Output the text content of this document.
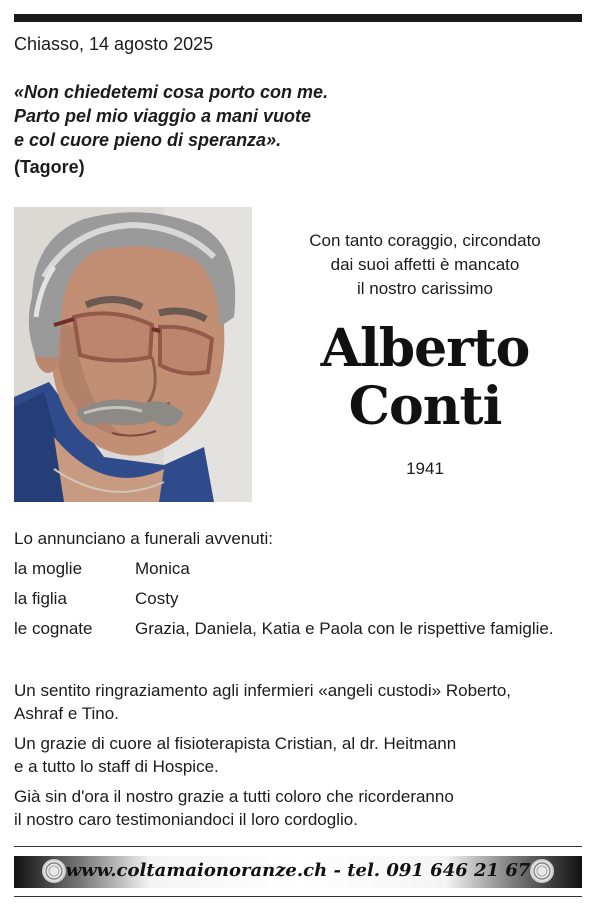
Chiasso, 14 agosto 2025
«Non chiedetemi cosa porto con me.
Parto pel mio viaggio a mani vuote
e col cuore pieno di speranza».
(Tagore)
Con tanto coraggio, circondato
dai suoi affetti è mancato
il nostro carissimo
Alberto
Conti
1941
Lo annunciano a funerali avvenuti:
la moglie	Monica
la figlia	Costy
le cognate	Grazia, Daniela, Katia e Paola con le rispettive famiglie.
Un sentito ringraziamento agli infermieri «angeli custodi» Roberto,
Ashraf e Tino.
Un grazie di cuore al fisioterapista Cristian, al dr. Heitmann
e a tutto lo staff di Hospice.
Già sin d'ora il nostro grazie a tutti coloro che ricorderanno
il nostro caro testimoniandoci il loro cordoglio.
www.coltamaionoranze.ch - tel. 091 646 21 67
